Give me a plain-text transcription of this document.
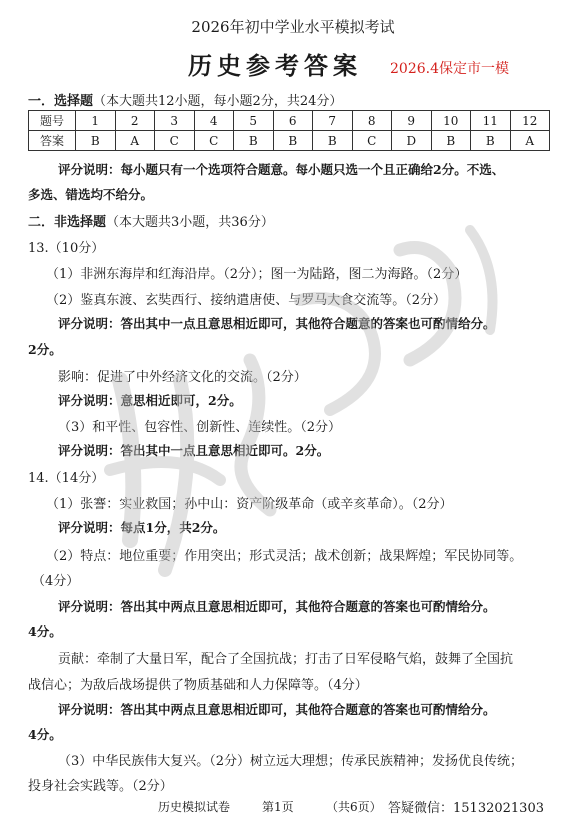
2026年初中学业水平模拟考试
历史参考答案 2026.4保定市一模
一．选择题（本大题共12小题，每小题2分，共24分）
题号	1	2	3	4	5	6	7	8	9	10	11	12
答案	B	A	C	C	B	B	B	C	D	B	B	A
评分说明：每小题只有一个选项符合题意。每小题只选一个且正确给2分。不选、
多选、错选均不给分。
二．非选择题（本大题共3小题，共36分）
13.（10分）
（1）非洲东海岸和红海沿岸。（2分）；图一为陆路，图二为海路。（2分）
（2）鉴真东渡、玄奘西行、接纳遣唐使、与罗马大食交流等。（2分）
评分说明：答出其中一点且意思相近即可，其他符合题意的答案也可酌情给分。
2分。
影响：促进了中外经济文化的交流。（2分）
评分说明：意思相近即可，2分。
（3）和平性、包容性、创新性、连续性。（2分）
评分说明：答出其中一点且意思相近即可。2分。
14.（14分）
（1）张謇：实业救国；孙中山：资产阶级革命（或辛亥革命）。（2分）
评分说明：每点1分，共2分。
（2）特点：地位重要；作用突出；形式灵活；战术创新；战果辉煌；军民协同等。
（4分）
评分说明：答出其中两点且意思相近即可，其他符合题意的答案也可酌情给分。
4分。
贡献：牵制了大量日军，配合了全国抗战；打击了日军侵略气焰，鼓舞了全国抗
战信心；为敌后战场提供了物质基础和人力保障等。（4分）
评分说明：答出其中两点且意思相近即可，其他符合题意的答案也可酌情给分。
4分。
（3）中华民族伟大复兴。（2分）树立远大理想；传承民族精神；发扬优良传统；
投身社会实践等。（2分）
历史模拟试卷	第1页	（共6页） 答疑微信：15132021303
